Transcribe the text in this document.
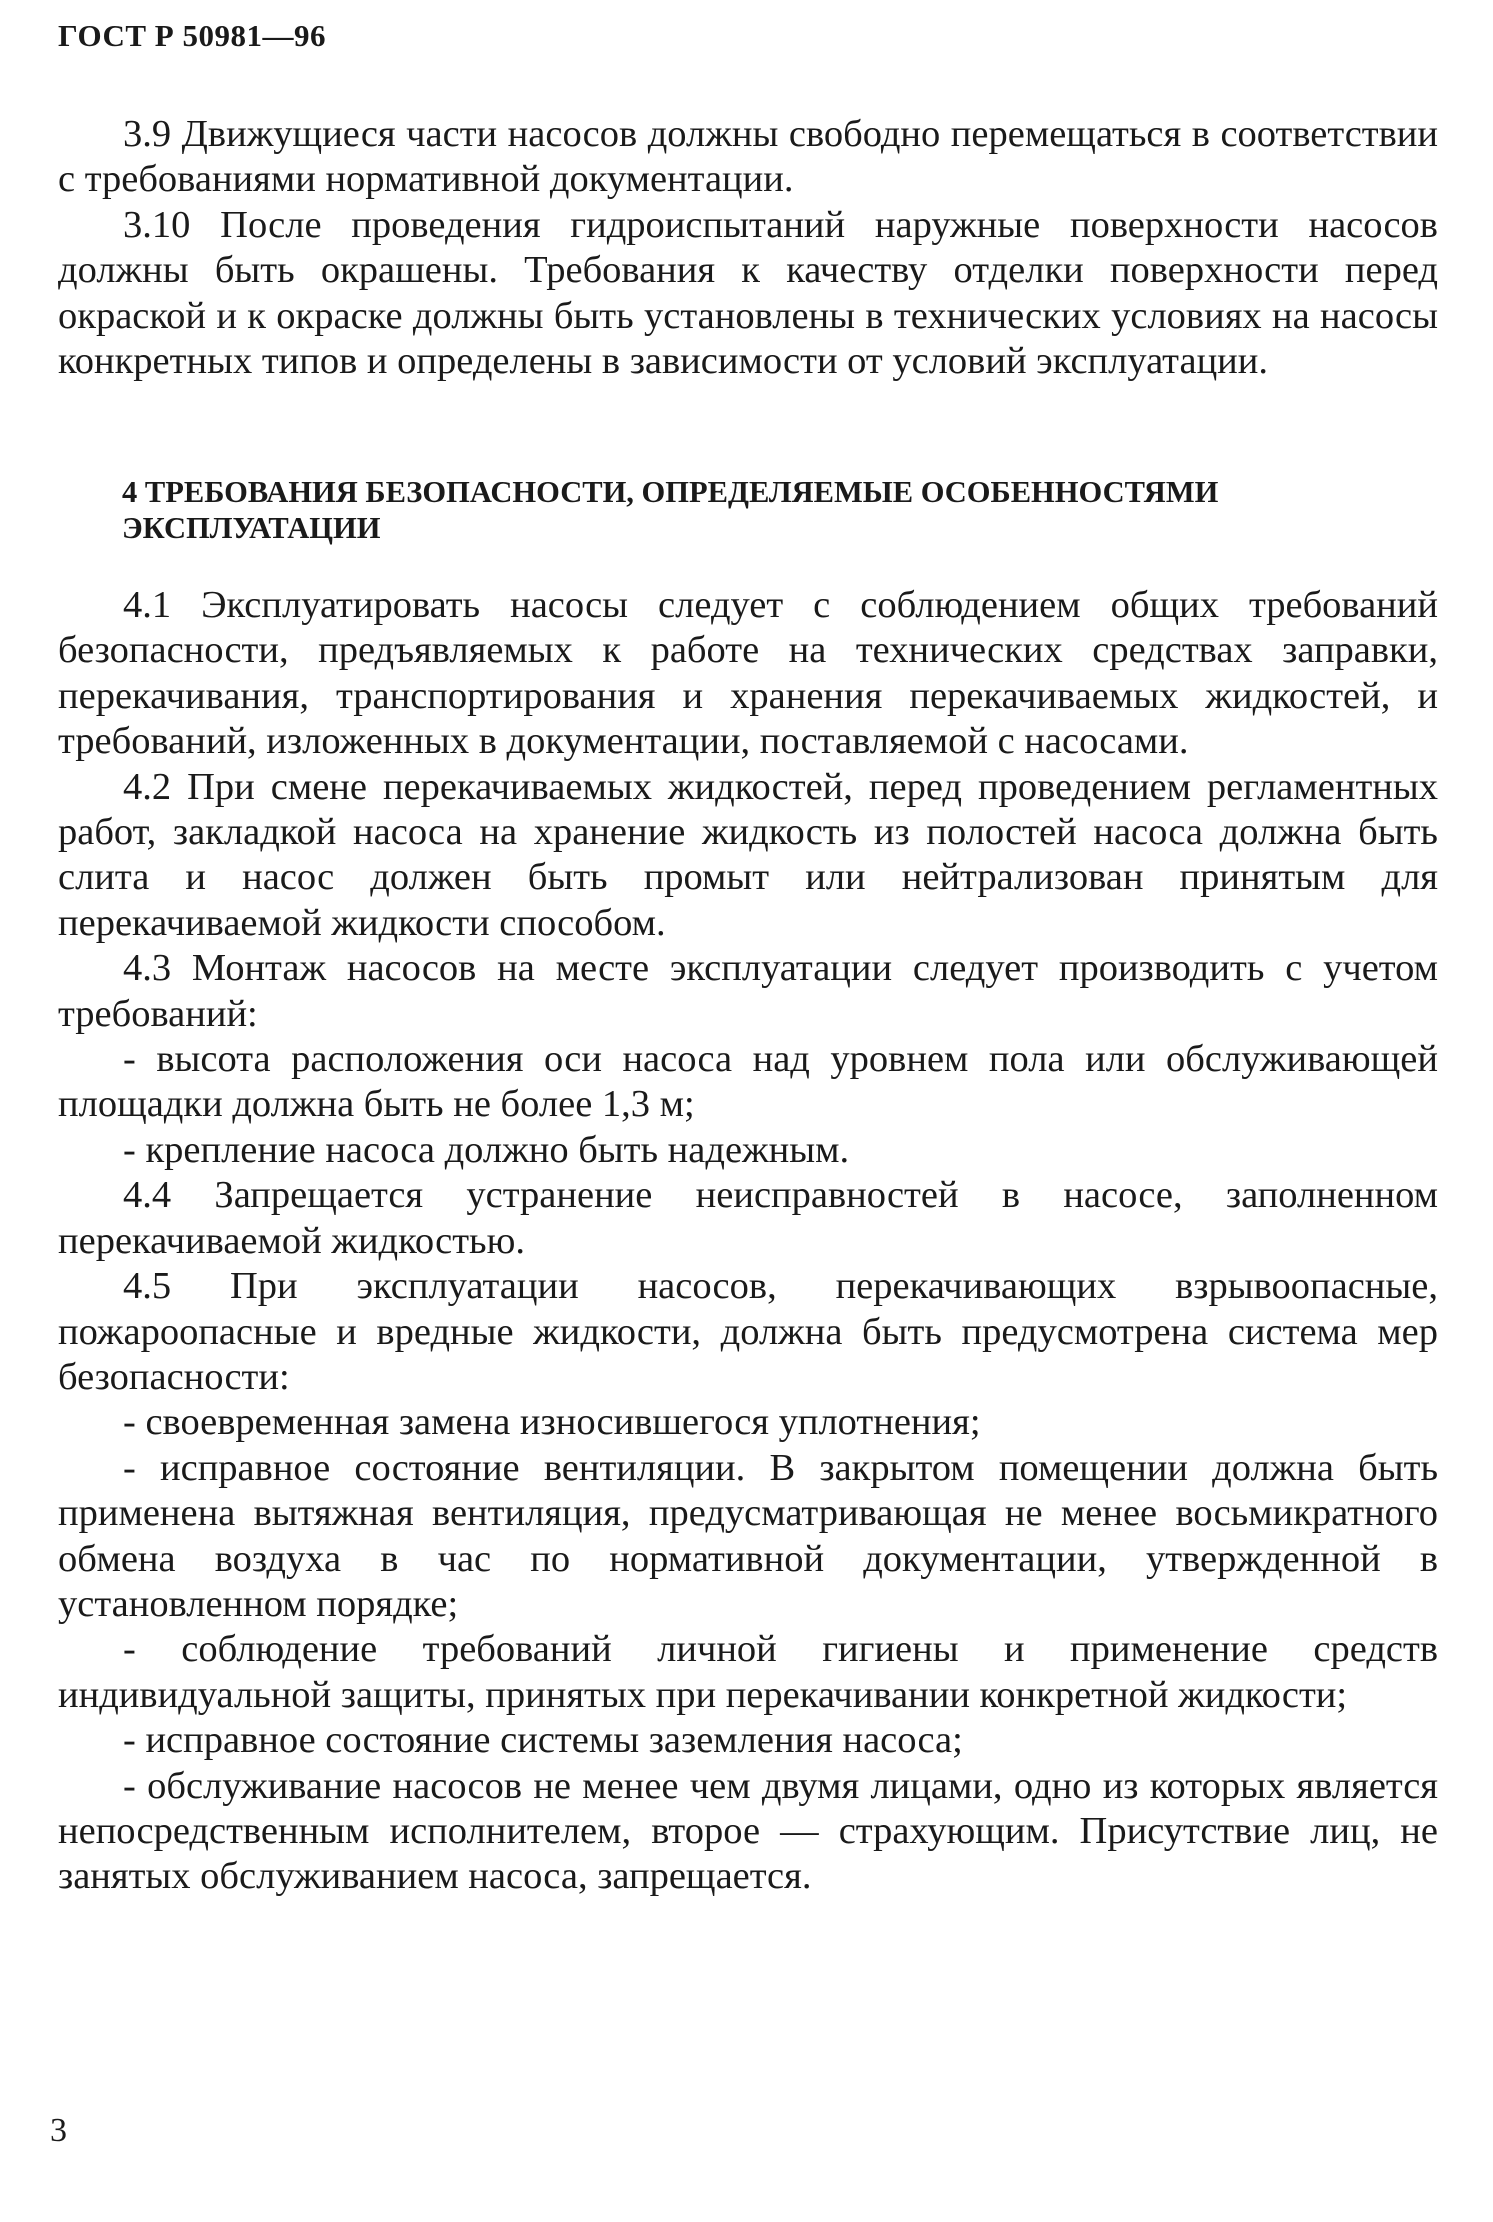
ГОСТ Р 50981—96

3.9 Движущиеся части насосов должны свободно перемещаться в соответствии с требованиями нормативной документации.

3.10 После проведения гидроиспытаний наружные поверхности насосов должны быть окрашены. Требования к качеству отделки поверхности перед окраской и к окраске должны быть установлены в технических условиях на насосы конкретных типов и определены в зависимости от условий эксплуатации.

4 ТРЕБОВАНИЯ БЕЗОПАСНОСТИ, ОПРЕДЕЛЯЕМЫЕ ОСОБЕННОСТЯМИ ЭКСПЛУАТАЦИИ

4.1 Эксплуатировать насосы следует с соблюдением общих требований безопасности, предъявляемых к работе на технических средствах заправки, перекачивания, транспортирования и хранения перекачиваемых жидкостей, и требований, изложенных в документации, поставляемой с насосами.

4.2 При смене перекачиваемых жидкостей, перед проведением регламентных работ, закладкой насоса на хранение жидкость из полостей насоса должна быть слита и насос должен быть промыт или нейтрализован принятым для перекачиваемой жидкости способом.

4.3 Монтаж насосов на месте эксплуатации следует производить с учетом требований:

- высота расположения оси насоса над уровнем пола или обслуживающей площадки должна быть не более 1,3 м;

- крепление насоса должно быть надежным.

4.4 Запрещается устранение неисправностей в насосе, заполненном перекачиваемой жидкостью.

4.5 При эксплуатации насосов, перекачивающих взрывоопасные, пожароопасные и вредные жидкости, должна быть предусмотрена система мер безопасности:

- своевременная замена износившегося уплотнения;

- исправное состояние вентиляции. В закрытом помещении должна быть применена вытяжная вентиляция, предусматривающая не менее восьмикратного обмена воздуха в час по нормативной документации, утвержденной в установленном порядке;

- соблюдение требований личной гигиены и применение средств индивидуальной защиты, принятых при перекачивании конкретной жидкости;

- исправное состояние системы заземления насоса;

- обслуживание насосов не менее чем двумя лицами, одно из которых является непосредственным исполнителем, второе — страхующим. Присутствие лиц, не занятых обслуживанием насоса, запрещается.

3
